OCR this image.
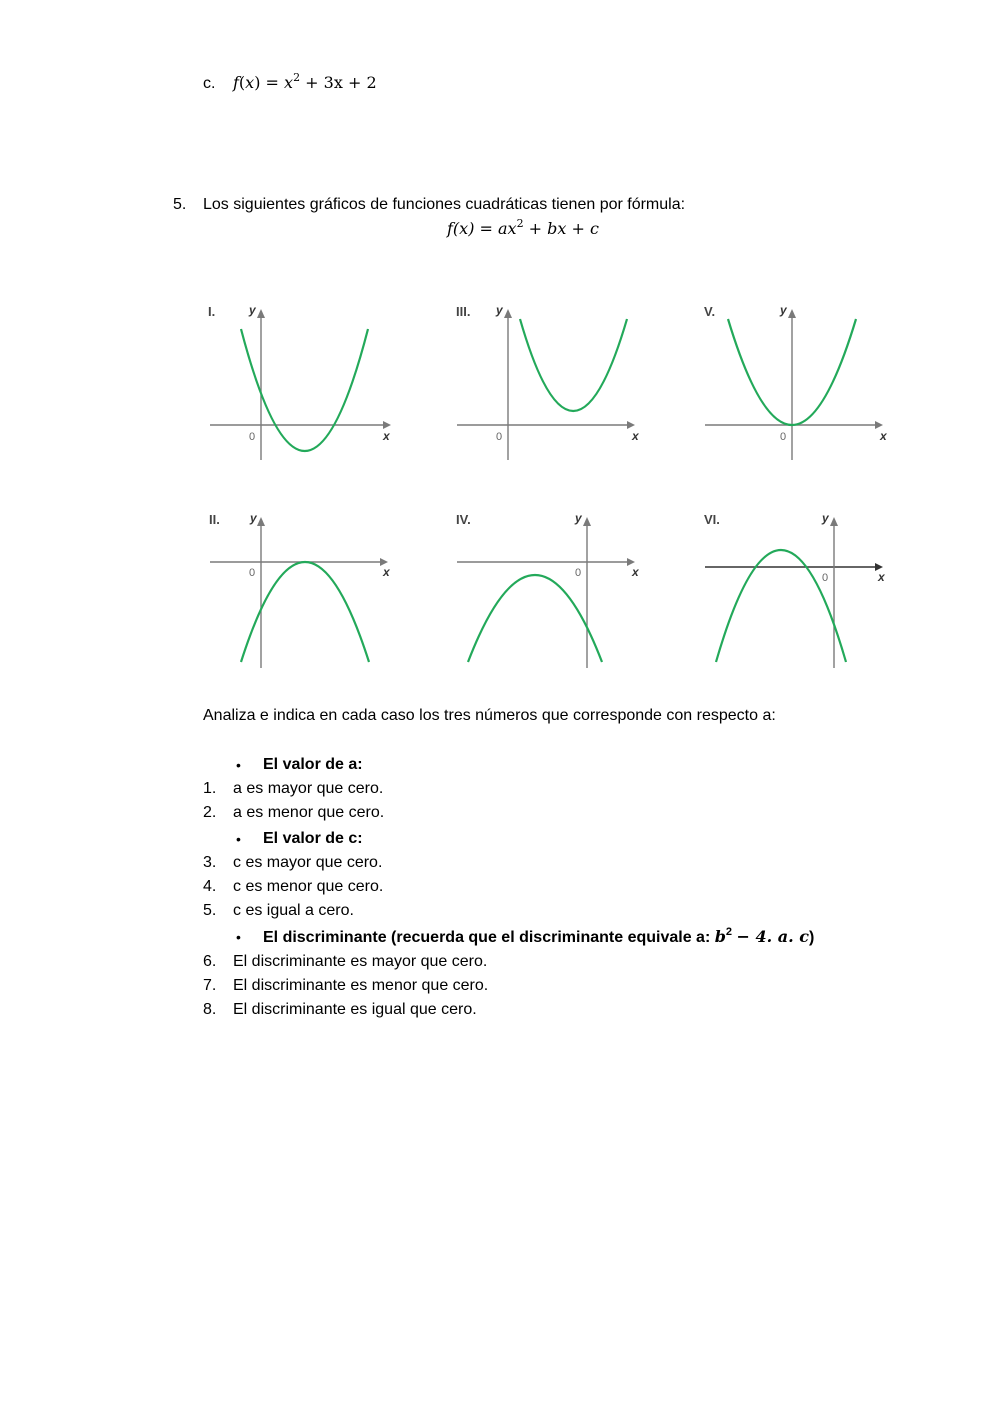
c. $f(x) = x^2 + 3x + 2$
5. Los siguientes gráficos de funciones cuadráticas tienen por fórmula:
$f(x) = ax^2$ + bx + c
I.	y
x
0
III. y
x
0
V.	y
x
0
II.	y
x
0
IV.	y
x
0
VI.	y
x
0
Analiza e indica en cada caso los tres números que corresponde con respecto a:
• El valor de a:
1. a es mayor que cero.
2. a es menor que cero.
• El valor de c:
3. c es mayor que cero.
4. c es menor que cero.
5. c es igual a cero.
• El discriminante (recuerda que el discriminante equivale a: $b^2 - 4$. a. c)
6. El discriminante es mayor que cero.
7. El discriminante es menor que cero.
8. El discriminante es igual que cero.
